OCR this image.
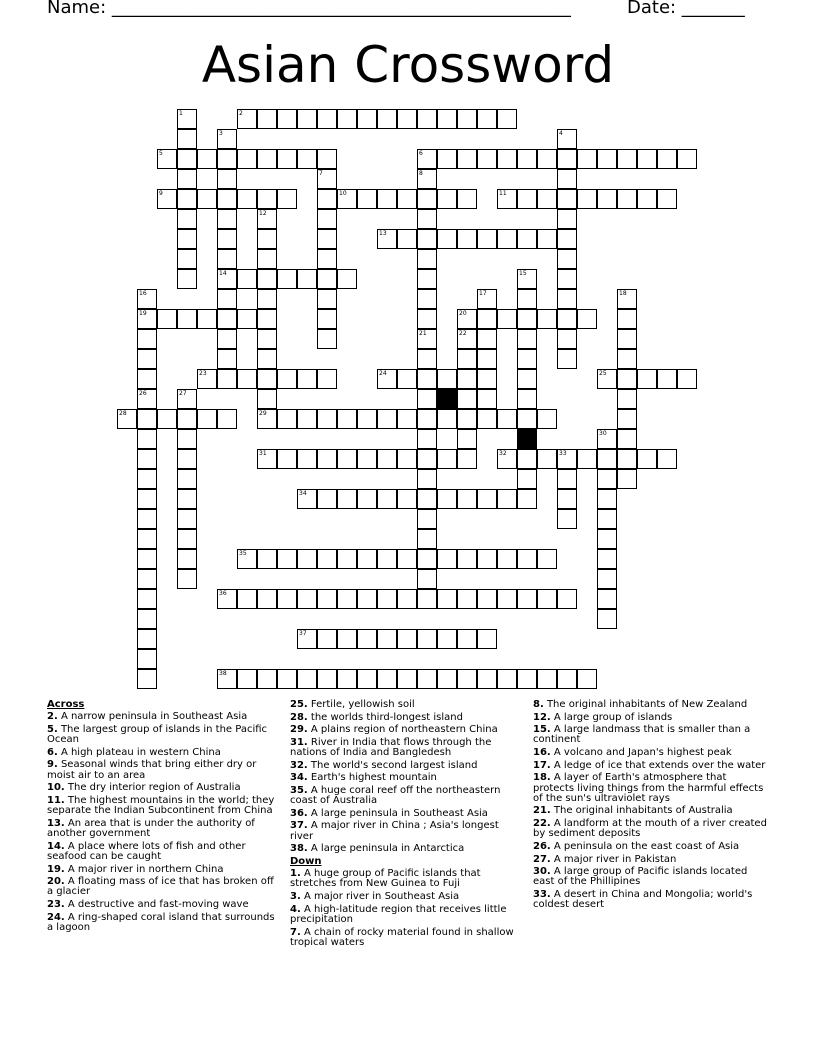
Name: ___________________________________________________	Date: _______
Asian Crossword
2
5	6
9	10	11
13
14
19	20
23	24	25
28	29
31	32	33
34
35
36
37
38
1
3	4
7	8
21
12
15
16	17	18
22
26	27
30
Across
2. A narrow peninsula in Southeast Asia
5. The largest group of islands in the Pacific Ocean
6. A high plateau in western China
9. Seasonal winds that bring either dry or moist air to an area
10. The dry interior region of Australia
11. The highest mountains in the world; they separate the Indian Subcontinent from China
13. An area that is under the authority of another government
14. A place where lots of fish and other seafood can be caught
19. A major river in northern China
20. A floating mass of ice that has broken off a glacier
23. A destructive and fast-moving wave
24. A ring-shaped coral island that surrounds a lagoon
25. Fertile, yellowish soil
28. the worlds third-longest island
29. A plains region of northeastern China
31. River in India that flows through the nations of India and Bangledesh
32. The world's second largest island
34. Earth's highest mountain
35. A huge coral reef off the northeastern coast of Australia
36. A large peninsula in Southeast Asia
37. A major river in China ; Asia's longest river
38. A large peninsula in Antarctica
Down
1. A huge group of Pacific islands that stretches from New Guinea to Fuji
3. A major river in Southeast Asia
4. A high-latitude region that receives little precipitation
7. A chain of rocky material found in shallow tropical waters
8. The original inhabitants of New Zealand
12. A large group of islands
15. A large landmass that is smaller than a continent
16. A volcano and Japan's highest peak
17. A ledge of ice that extends over the water
18. A layer of Earth's atmosphere that protects living things from the harmful effects of the sun's ultraviolet rays
21. The original inhabitants of Australia
22. A landform at the mouth of a river created by sediment deposits
26. A peninsula on the east coast of Asia
27. A major river in Pakistan
30. A large group of Pacific islands located east of the Phillipines
33. A desert in China and Mongolia; world's coldest desert
